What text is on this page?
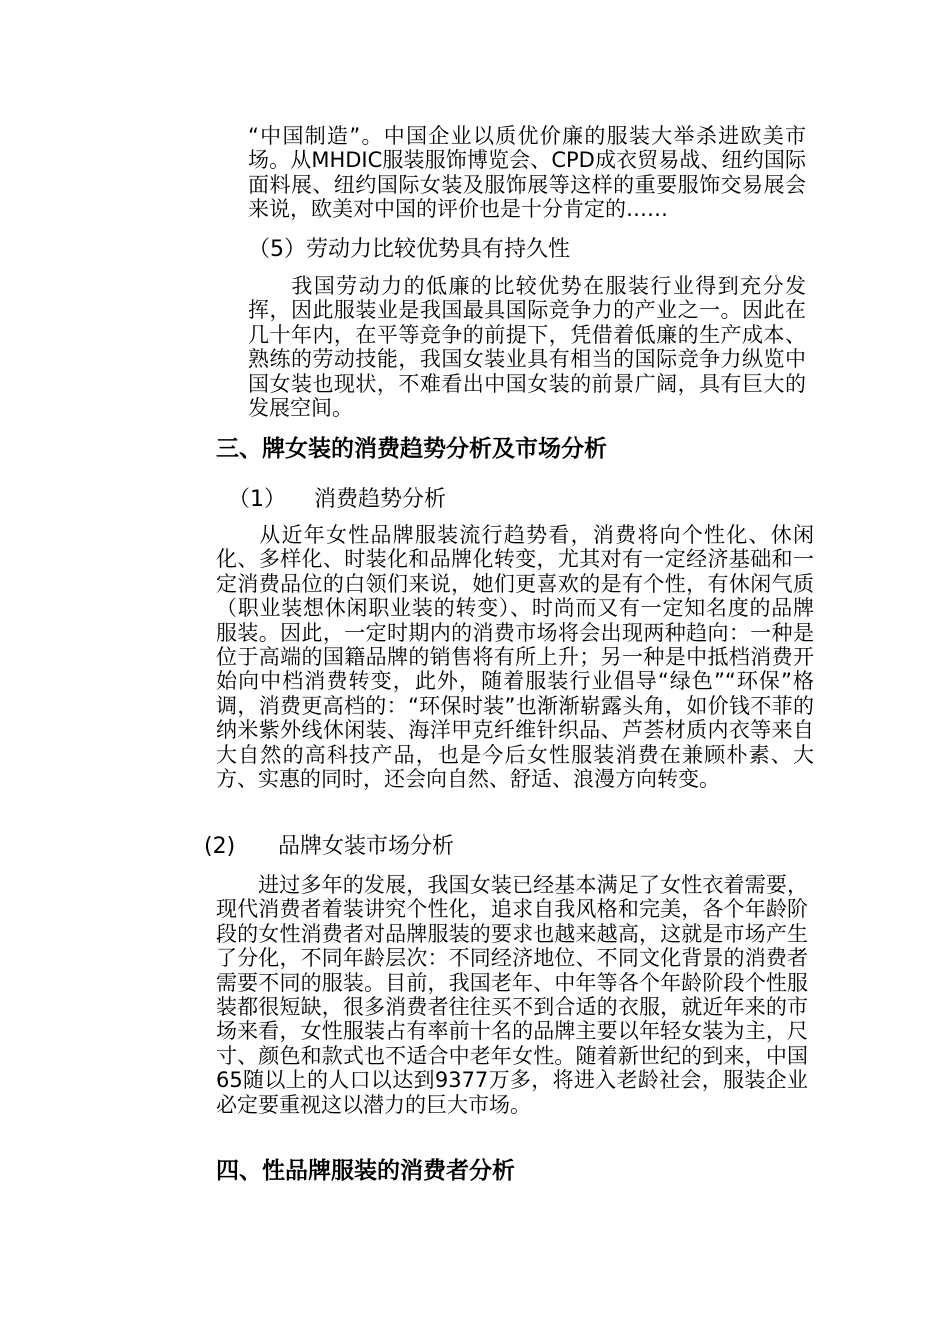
“中国制造”。中国企业以质优价廉的服装大举杀进欧美市场。从MHDIC服装服饰博览会、CPD成衣贸易战、纽约国际面料展、纽约国际女装及服饰展等这样的重要服饰交易展会来说，欧美对中国的评价也是十分肯定的……

（5）劳动力比较优势具有持久性

我国劳动力的低廉的比较优势在服装行业得到充分发挥，因此服装业是我国最具国际竞争力的产业之一。因此在几十年内，在平等竞争的前提下，凭借着低廉的生产成本、熟练的劳动技能，我国女装业具有相当的国际竞争力纵览中国女装也现状，不难看出中国女装的前景广阔，具有巨大的发展空间。

三、牌女装的消费趋势分析及市场分析

（1） 消费趋势分析

从近年女性品牌服装流行趋势看，消费将向个性化、休闲化、多样化、时装化和品牌化转变，尤其对有一定经济基础和一定消费品位的白领们来说，她们更喜欢的是有个性，有休闲气质（职业装想休闲职业装的转变）、时尚而又有一定知名度的品牌服装。因此，一定时期内的消费市场将会出现两种趋向：一种是位于高端的国籍品牌的销售将有所上升；另一种是中抵档消费开始向中档消费转变，此外，随着服装行业倡导“绿色”“环保”格调，消费更高档的：“环保时装”也渐渐崭露头角，如价钱不菲的纳米紫外线休闲装、海洋甲克纤维针织品、芦荟材质内衣等来自大自然的高科技产品，也是今后女性服装消费在兼顾朴素、大方、实惠的同时，还会向自然、舒适、浪漫方向转变。

(2) 品牌女装市场分析

进过多年的发展，我国女装已经基本满足了女性衣着需要，现代消费者着装讲究个性化，追求自我风格和完美，各个年龄阶段的女性消费者对品牌服装的要求也越来越高，这就是市场产生了分化，不同年龄层次：不同经济地位、不同文化背景的消费者需要不同的服装。目前，我国老年、中年等各个年龄阶段个性服装都很短缺，很多消费者往往买不到合适的衣服，就近年来的市场来看，女性服装占有率前十名的品牌主要以年轻女装为主，尺寸、颜色和款式也不适合中老年女性。随着新世纪的到来，中国65随以上的人口以达到9377万多，将进入老龄社会，服装企业必定要重视这以潜力的巨大市场。

四、性品牌服装的消费者分析
